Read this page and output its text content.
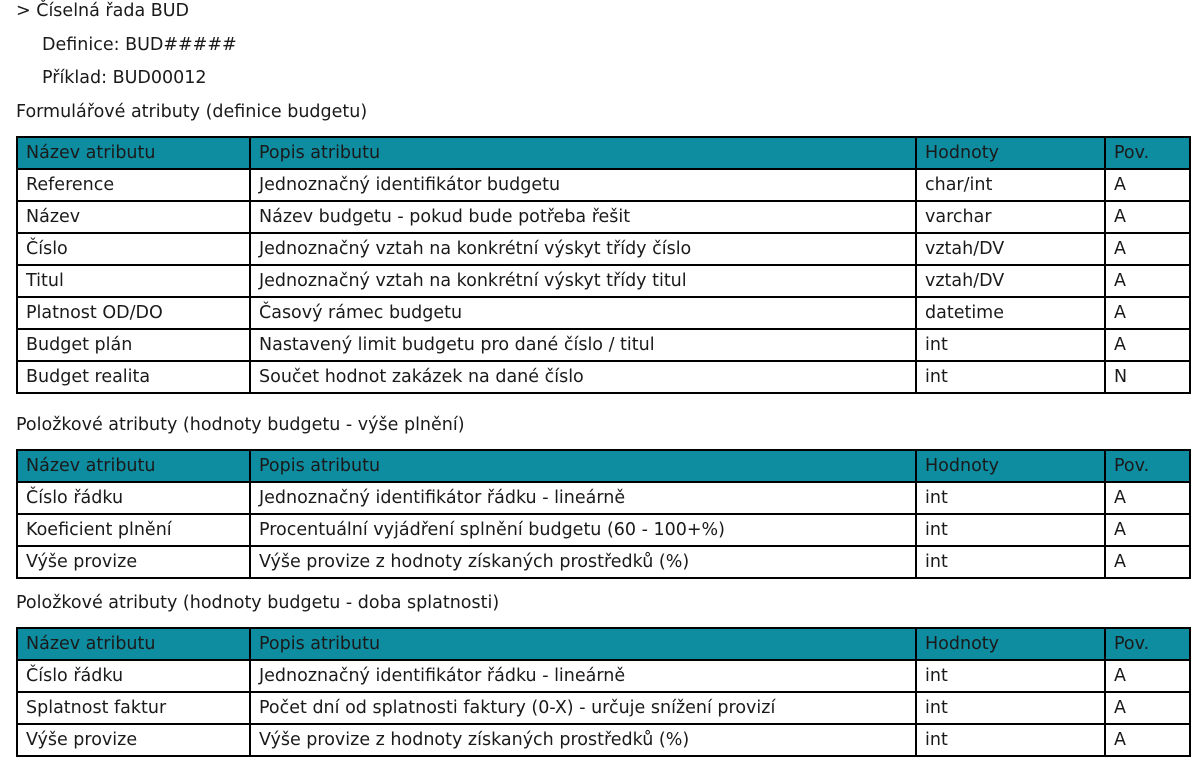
> Číselná řada BUD
Definice: BUD#####
Příklad: BUD00012
Formulářové atributy (definice budgetu)
Název atributu	Popis atributu	Hodnoty	Pov.
Reference	Jednoznačný identifikátor budgetu	char/int	A
Název	Název budgetu - pokud bude potřeba řešit	varchar	A
Číslo	Jednoznačný vztah na konkrétní výskyt třídy číslo	vztah/DV	A
Titul	Jednoznačný vztah na konkrétní výskyt třídy titul	vztah/DV	A
Platnost OD/DO	Časový rámec budgetu	datetime	A
Budget plán	Nastavený limit budgetu pro dané číslo / titul	int	A
Budget realita	Součet hodnot zakázek na dané číslo	int	N
Položkové atributy (hodnoty budgetu - výše plnění)
Název atributu	Popis atributu	Hodnoty	Pov.
Číslo řádku	Jednoznačný identifikátor řádku - lineárně	int	A
Koeficient plnění	Procentuální vyjádření splnění budgetu (60 - 100+%)	int	A
Výše provize	Výše provize z hodnoty získaných prostředků (%)	int	A
Položkové atributy (hodnoty budgetu - doba splatnosti)
Název atributu	Popis atributu	Hodnoty	Pov.
Číslo řádku	Jednoznačný identifikátor řádku - lineárně	int	A
Splatnost faktur	Počet dní od splatnosti faktury (0-X) - určuje snížení provizí	int	A
Výše provize	Výše provize z hodnoty získaných prostředků (%)	int	A
